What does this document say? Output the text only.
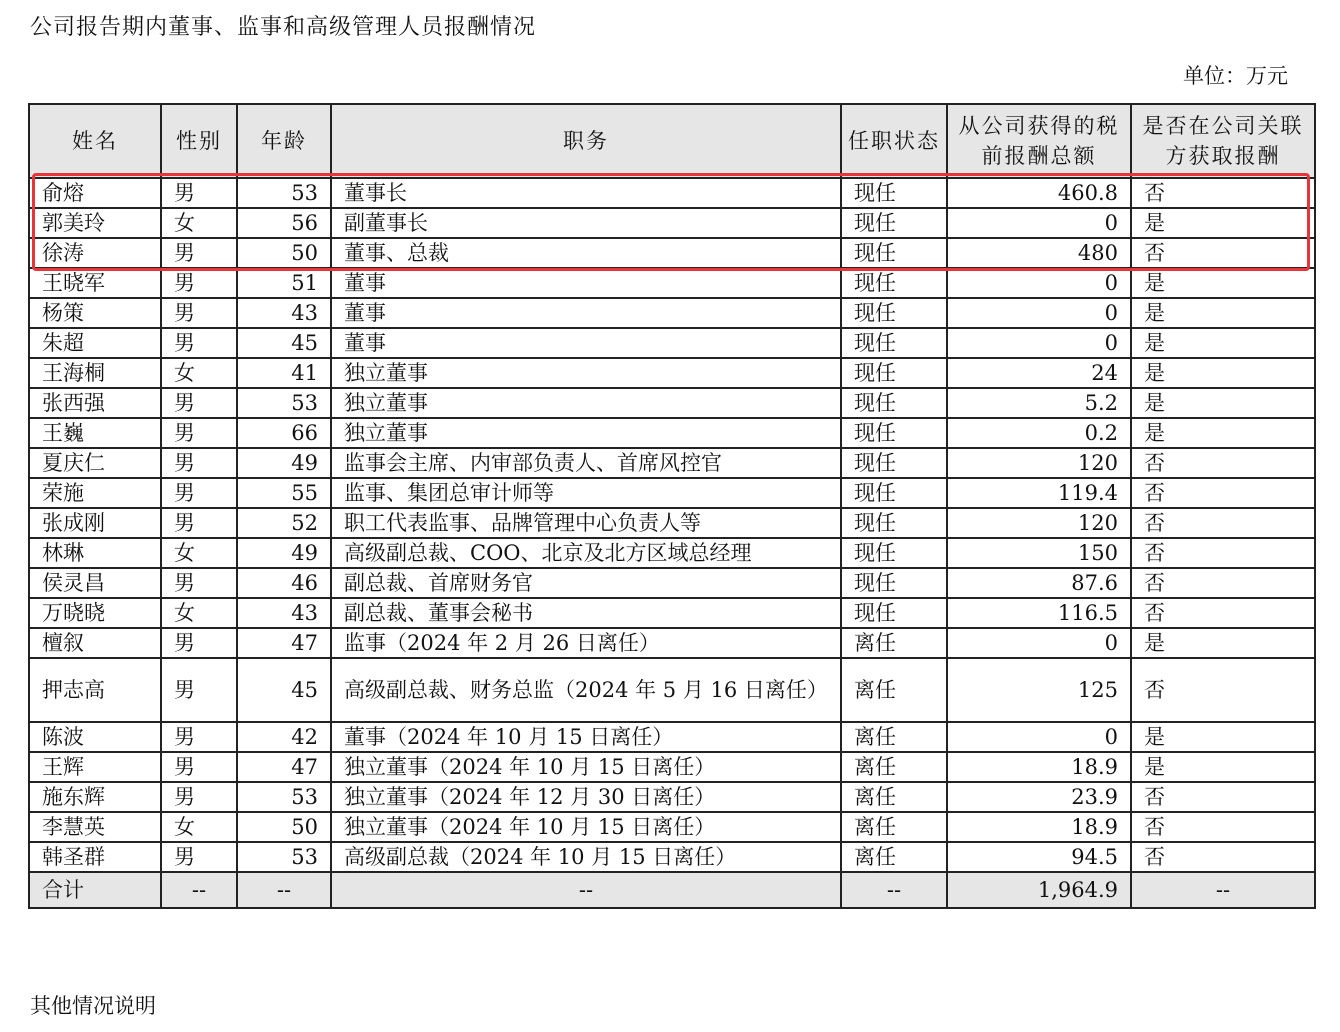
公司报告期内董事、监事和高级管理人员报酬情况
单位：万元
姓名	性别	年龄	职务	任职状态	从公司获得的税前报酬总额	是否在公司关联方获取报酬
俞熔	男	53	董事长	现任	460.8	否
郭美玲	女	56	副董事长	现任	0	是
徐涛	男	50	董事、总裁	现任	480	否
王晓军	男	51	董事	现任	0	是
杨策	男	43	董事	现任	0	是
朱超	男	45	董事	现任	0	是
王海桐	女	41	独立董事	现任	24	是
张西强	男	53	独立董事	现任	5.2	是
王巍	男	66	独立董事	现任	0.2	是
夏庆仁	男	49	监事会主席、内审部负责人、首席风控官	现任	120	否
荣施	男	55	监事、集团总审计师等	现任	119.4	否
张成刚	男	52	职工代表监事、品牌管理中心负责人等	现任	120	否
林琳	女	49	高级副总裁、COO、北京及北方区域总经理	现任	150	否
侯灵昌	男	46	副总裁、首席财务官	现任	87.6	否
万晓晓	女	43	副总裁、董事会秘书	现任	116.5	否
檀叙	男	47	监事（2024 年 2 月 26 日离任）	离任	0	是
押志高	男	45	高级副总裁、财务总监（2024 年 5 月 16 日离任）	离任	125	否
陈波	男	42	董事（2024 年 10 月 15 日离任）	离任	0	是
王辉	男	47	独立董事（2024 年 10 月 15 日离任）	离任	18.9	是
施东辉	男	53	独立董事（2024 年 12 月 30 日离任）	离任	23.9	否
李慧英	女	50	独立董事（2024 年 10 月 15 日离任）	离任	18.9	否
韩圣群	男	53	高级副总裁（2024 年 10 月 15 日离任）	离任	94.5	否
合计	--	--	--	--	1,964.9	--
其他情况说明
